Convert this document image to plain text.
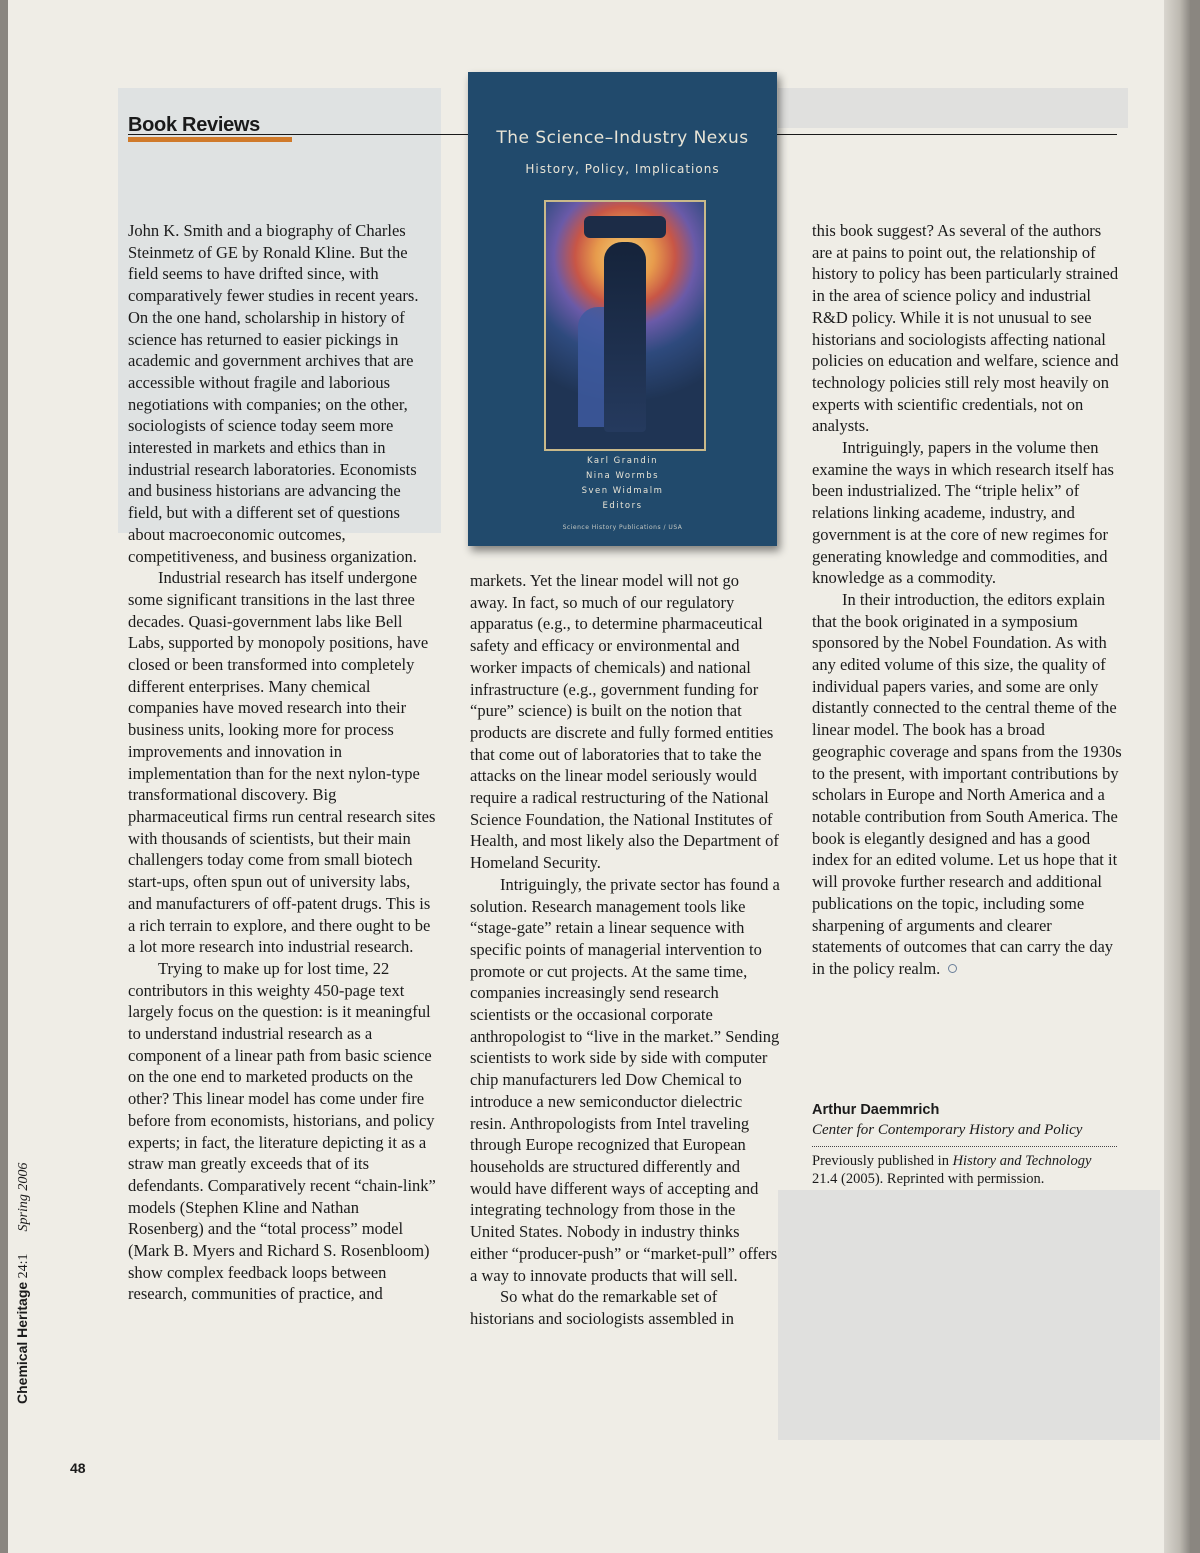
Book Reviews
The Science–Industry Nexus
History, Policy, Implications
Karl Grandin
Nina Wormbs
Sven Widmalm
Editors
Science History Publications / USA

John K. Smith and a biography of Charles Steinmetz of GE by Ronald Kline. But the field seems to have drifted since, with comparatively fewer studies in recent years. On the one hand, scholarship in history of science has returned to easier pickings in academic and government archives that are accessible without fragile and laborious negotiations with companies; on the other, sociologists of science today seem more interested in markets and ethics than in industrial research laboratories. Economists and business historians are advancing the field, but with a different set of questions about macroeconomic outcomes, competitiveness, and business organization.

Industrial research has itself undergone some significant transitions in the last three decades. Quasi-government labs like Bell Labs, supported by monopoly positions, have closed or been transformed into completely different enterprises. Many chemical companies have moved research into their business units, looking more for process improvements and innovation in implementation than for the next nylon-type transformational discovery. Big pharmaceutical firms run central research sites with thousands of scientists, but their main challengers today come from small biotech start-ups, often spun out of university labs, and manufacturers of off-patent drugs. This is a rich terrain to explore, and there ought to be a lot more research into industrial research.

Trying to make up for lost time, 22 contributors in this weighty 450-page text largely focus on the question: is it meaningful to understand industrial research as a component of a linear path from basic science on the one end to marketed products on the other? This linear model has come under fire before from economists, historians, and policy experts; in fact, the literature depicting it as a straw man greatly exceeds that of its defendants. Comparatively recent “chain-link” models (Stephen Kline and Nathan Rosenberg) and the “total process” model (Mark B. Myers and Richard S. Rosenbloom) show complex feedback loops between research, communities of practice, and

markets. Yet the linear model will not go away. In fact, so much of our regulatory apparatus (e.g., to determine pharmaceutical safety and efficacy or environmental and worker impacts of chemicals) and national infrastructure (e.g., government funding for “pure” science) is built on the notion that products are discrete and fully formed entities that come out of laboratories that to take the attacks on the linear model seriously would require a radical restructuring of the National Science Foundation, the National Institutes of Health, and most likely also the Department of Homeland Security.

Intriguingly, the private sector has found a solution. Research management tools like “stage-gate” retain a linear sequence with specific points of managerial intervention to promote or cut projects. At the same time, companies increasingly send research scientists or the occasional corporate anthropologist to “live in the market.” Sending scientists to work side by side with computer chip manufacturers led Dow Chemical to introduce a new semiconductor dielectric resin. Anthropologists from Intel traveling through Europe recognized that European households are structured differently and would have different ways of accepting and integrating technology from those in the United States. Nobody in industry thinks either “producer-push” or “market-pull” offers a way to innovate products that will sell.

So what do the remarkable set of historians and sociologists assembled in

this book suggest? As several of the authors are at pains to point out, the relationship of history to policy has been particularly strained in the area of science policy and industrial R&D policy. While it is not unusual to see historians and sociologists affecting national policies on education and welfare, science and technology policies still rely most heavily on experts with scientific credentials, not on analysts.

Intriguingly, papers in the volume then examine the ways in which research itself has been industrialized. The “triple helix” of relations linking academe, industry, and government is at the core of new regimes for generating knowledge and commodities, and knowledge as a commodity.

In their introduction, the editors explain that the book originated in a symposium sponsored by the Nobel Foundation. As with any edited volume of this size, the quality of individual papers varies, and some are only distantly connected to the central theme of the linear model. The book has a broad geographic coverage and spans from the 1930s to the present, with important contributions by scholars in Europe and North America and a notable contribution from South America. The book is elegantly designed and has a good index for an edited volume. Let us hope that it will provoke further research and additional publications on the topic, including some sharpening of arguments and clearer statements of outcomes that can carry the day in the policy realm.

Arthur Daemmrich
Center for Contemporary History and Policy
Previously published in History and Technology 21.4 (2005). Reprinted with permission.
Chemical Heritage 24:1Spring 2006
48
